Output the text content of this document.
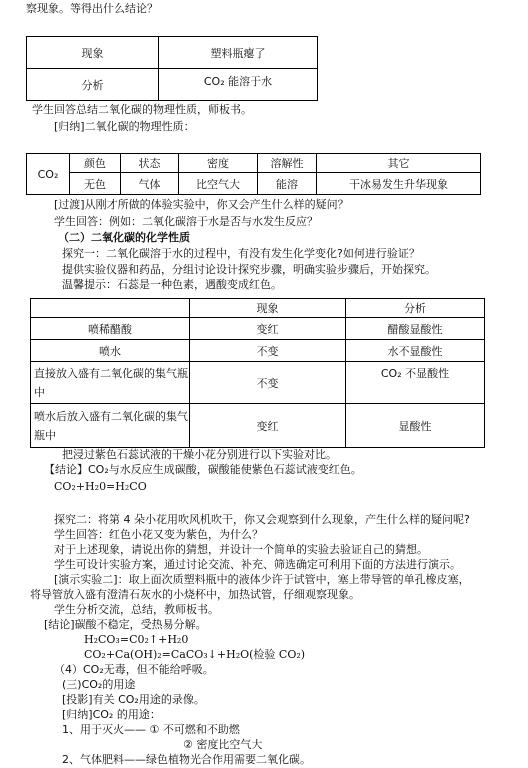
察现象。等得出什么结论？
现象	塑料瓶瘪了
分析	CO₂ 能溶于水
学生回答总结二氧化碳的物理性质，师板书。
[归纳]二氧化碳的物理性质：
CO₂	颜色	状态	密度	溶解性	其它
	无色	气体	比空气大	能溶	干冰易发生升华现象
[过渡]从刚才所做的体验实验中，你又会产生什么样的疑问？
学生回答：例如：二氧化碳溶于水是否与水发生反应？
（二）二氧化碳的化学性质
探究一：二氧化碳溶于水的过程中，有没有发生化学变化?如何进行验证？
提供实验仪器和药品，分组讨论设计探究步骤，明确实验步骤后，开始探究。
温馨提示：石蕊是一种色素，遇酸变成红色。
	现象	分析
喷稀醋酸	变红	醋酸显酸性
喷水	不变	水不显酸性
直接放入盛有二氧化碳的集气瓶中	不变	CO₂ 不显酸性
喷水后放入盛有二氧化碳的集气瓶中	变红	显酸性
把浸过紫色石蕊试液的干燥小花分别进行以下实验对比。
【结论】CO₂与水反应生成碳酸，碳酸能使紫色石蕊试液变红色。
CO₂+H₂0=H₂CO
探究二：将第 4 朵小花用吹风机吹干，你又会观察到什么现象，产生什么样的疑问呢?
学生回答：红色小花又变为紫色，为什么？
对于上述现象，请说出你的猜想，并设计一个简单的实验去验证自己的猜想。
学生可设计实验方案，通过讨论交流、补充、筛选确定可利用下面的方法进行演示。
[演示实验二]：取上面次质塑料瓶中的液体少许于试管中，塞上带导管的单孔橡皮塞，
将导管放入盛有澄清石灰水的小烧杯中，加热试管，仔细观察现象。
学生分析交流，总结，教师板书。
[结论]碳酸不稳定，受热易分解。
H₂CO₃=C0₂↑+H₂0
CO₂+Ca(OH)₂=CaCO₃↓+H₂O(检验 CO₂)
（4）CO₂无毒，但不能给呼吸。
(三)CO₂的用途
[投影]有关 CO₂用途的录像。
[归纳]CO₂ 的用途：
1、用于灭火—— ① 不可燃和不助燃
② 密度比空气大
2、气体肥料——绿色植物光合作用需要二氧化碳。
